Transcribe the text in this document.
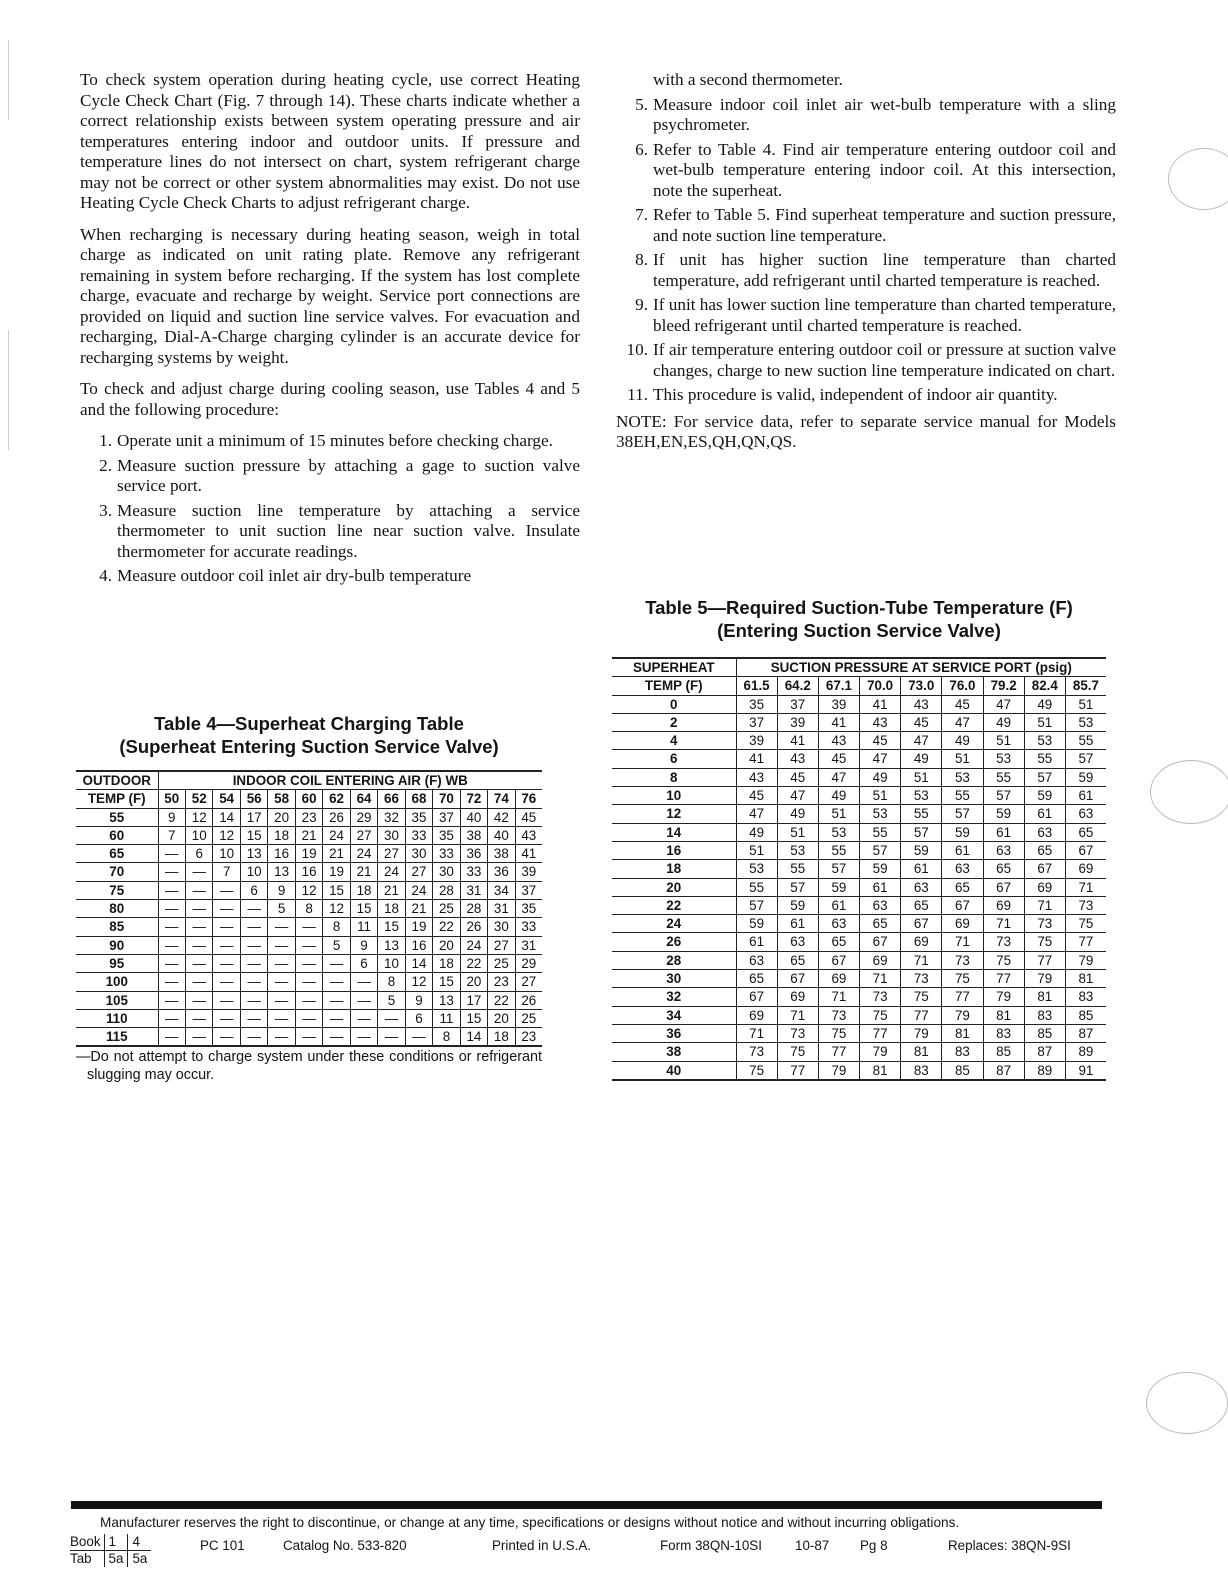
To check system operation during heating cycle, use correct Heating Cycle Check Chart (Fig. 7 through 14). These charts indicate whether a correct relationship exists between system operating pressure and air temperatures entering indoor and outdoor units. If pressure and temperature lines do not intersect on chart, system refrigerant charge may not be correct or other system abnormalities may exist. Do not use Heating Cycle Check Charts to adjust refrigerant charge.

When recharging is necessary during heating season, weigh in total charge as indicated on unit rating plate. Remove any refrigerant remaining in system before recharging. If the system has lost complete charge, evacuate and recharge by weight. Service port connections are provided on liquid and suction line service valves. For evacuation and recharging, Dial-A-Charge charging cylinder is an accurate device for recharging systems by weight.

To check and adjust charge during cooling season, use Tables 4 and 5 and the following procedure:

1. Operate unit a minimum of 15 minutes before checking charge.
2. Measure suction pressure by attaching a gage to suction valve service port.
3. Measure suction line temperature by attaching a service thermometer to unit suction line near suction valve. Insulate thermometer for accurate readings.
4. Measure outdoor coil inlet air dry-bulb temperature

with a second thermometer.

5. Measure indoor coil inlet air wet-bulb temperature with a sling psychrometer.
6. Refer to Table 4. Find air temperature entering outdoor coil and wet-bulb temperature entering indoor coil. At this intersection, note the superheat.
7. Refer to Table 5. Find superheat temperature and suction pressure, and note suction line temperature.
8. If unit has higher suction line temperature than charted temperature, add refrigerant until charted temperature is reached.
9. If unit has lower suction line temperature than charted temperature, bleed refrigerant until charted temperature is reached.
10. If air temperature entering outdoor coil or pressure at suction valve changes, charge to new suction line temperature indicated on chart.
11. This procedure is valid, independent of indoor air quantity.

NOTE: For service data, refer to separate service manual for Models 38EH,EN,ES,QH,QN,QS.

Table 4—Superheat Charging Table

(Superheat Entering Suction Service Valve)

OUTDOOR	INDOOR COIL ENTERING AIR (F) WB													
TEMP (F)	50	52	54	56	58	60	62	64	66	68	70	72	74	76
55	9	12	14	17	20	23	26	29	32	35	37	40	42	45
60	7	10	12	15	18	21	24	27	30	33	35	38	40	43
65	—	6	10	13	16	19	21	24	27	30	33	36	38	41
70	—	—	7	10	13	16	19	21	24	27	30	33	36	39
75	—	—	—	6	9	12	15	18	21	24	28	31	34	37
80	—	—	—	—	5	8	12	15	18	21	25	28	31	35
85	—	—	—	—	—	—	8	11	15	19	22	26	30	33
90	—	—	—	—	—	—	5	9	13	16	20	24	27	31
95	—	—	—	—	—	—	—	6	10	14	18	22	25	29
100	—	—	—	—	—	—	—	—	8	12	15	20	23	27
105	—	—	—	—	—	—	—	—	5	9	13	17	22	26
110	—	—	—	—	—	—	—	—	—	6	11	15	20	25
115	—	—	—	—	—	—	—	—	—	—	8	14	18	23
—Do not attempt to charge system under these conditions or refrigerant slugging may occur.

Table 5—Required Suction-Tube Temperature (F)

(Entering Suction Service Valve)

SUPERHEAT	SUCTION PRESSURE AT SERVICE PORT (psig)								
TEMP (F)	61.5	64.2	67.1	70.0	73.0	76.0	79.2	82.4	85.7
0	35	37	39	41	43	45	47	49	51
2	37	39	41	43	45	47	49	51	53
4	39	41	43	45	47	49	51	53	55
6	41	43	45	47	49	51	53	55	57
8	43	45	47	49	51	53	55	57	59
10	45	47	49	51	53	55	57	59	61
12	47	49	51	53	55	57	59	61	63
14	49	51	53	55	57	59	61	63	65
16	51	53	55	57	59	61	63	65	67
18	53	55	57	59	61	63	65	67	69
20	55	57	59	61	63	65	67	69	71
22	57	59	61	63	65	67	69	71	73
24	59	61	63	65	67	69	71	73	75
26	61	63	65	67	69	71	73	75	77
28	63	65	67	69	71	73	75	77	79
30	65	67	69	71	73	75	77	79	81
32	67	69	71	73	75	77	79	81	83
34	69	71	73	75	77	79	81	83	85
36	71	73	75	77	79	81	83	85	87
38	73	75	77	79	81	83	85	87	89
40	75	77	79	81	83	85	87	89	91
Manufacturer reserves the right to discontinue, or change at any time, specifications or designs without notice and without incurring obligations.
Book	1	4
Tab	5a	5a
PC 101	Catalog No. 533-820	Printed in U.S.A.	Form 38QN-10SI 10-87 Pg 8	Replaces: 38QN-9SI
